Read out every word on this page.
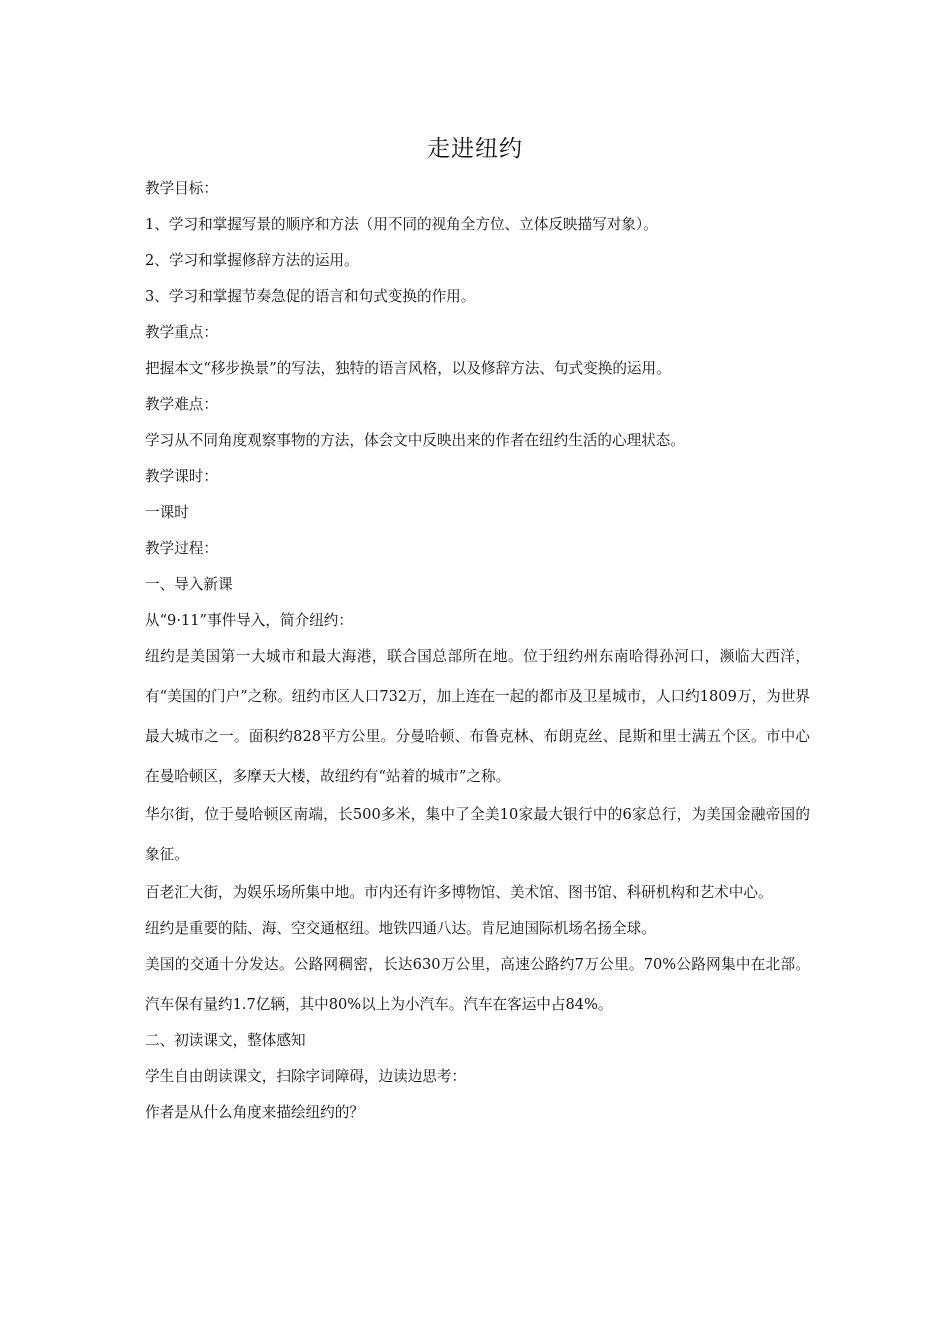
走进纽约
教学目标：
1、学习和掌握写景的顺序和方法（用不同的视角全方位、立体反映描写对象）。
2、学习和掌握修辞方法的运用。
3、学习和掌握节奏急促的语言和句式变换的作用。
教学重点：
把握本文“移步换景”的写法，独特的语言风格，以及修辞方法、句式变换的运用。
教学难点：
学习从不同角度观察事物的方法，体会文中反映出来的作者在纽约生活的心理状态。
教学课时：
一课时
教学过程：
一、导入新课
从“9·11”事件导入，简介纽约：
纽约是美国第一大城市和最大海港，联合国总部所在地。位于纽约州东南哈得孙河口，濒临大西洋，有“美国的门户”之称。纽约市区人口732万，加上连在一起的都市及卫星城市，人口约1809万，为世界最大城市之一。面积约828平方公里。分曼哈顿、布鲁克林、布朗克丝、昆斯和里士满五个区。市中心在曼哈顿区，多摩天大楼，故纽约有“站着的城市”之称。
华尔街，位于曼哈顿区南端，长500多米，集中了全美10家最大银行中的6家总行，为美国金融帝国的象征。
百老汇大街，为娱乐场所集中地。市内还有许多博物馆、美术馆、图书馆、科研机构和艺术中心。
纽约是重要的陆、海、空交通枢纽。地铁四通八达。肯尼迪国际机场名扬全球。
美国的交通十分发达。公路网稠密，长达630万公里，高速公路约7万公里。70%公路网集中在北部。汽车保有量约1.7亿辆，其中80%以上为小汽车。汽车在客运中占84%。
二、初读课文，整体感知
学生自由朗读课文，扫除字词障碍，边读边思考：
作者是从什么角度来描绘纽约的？
